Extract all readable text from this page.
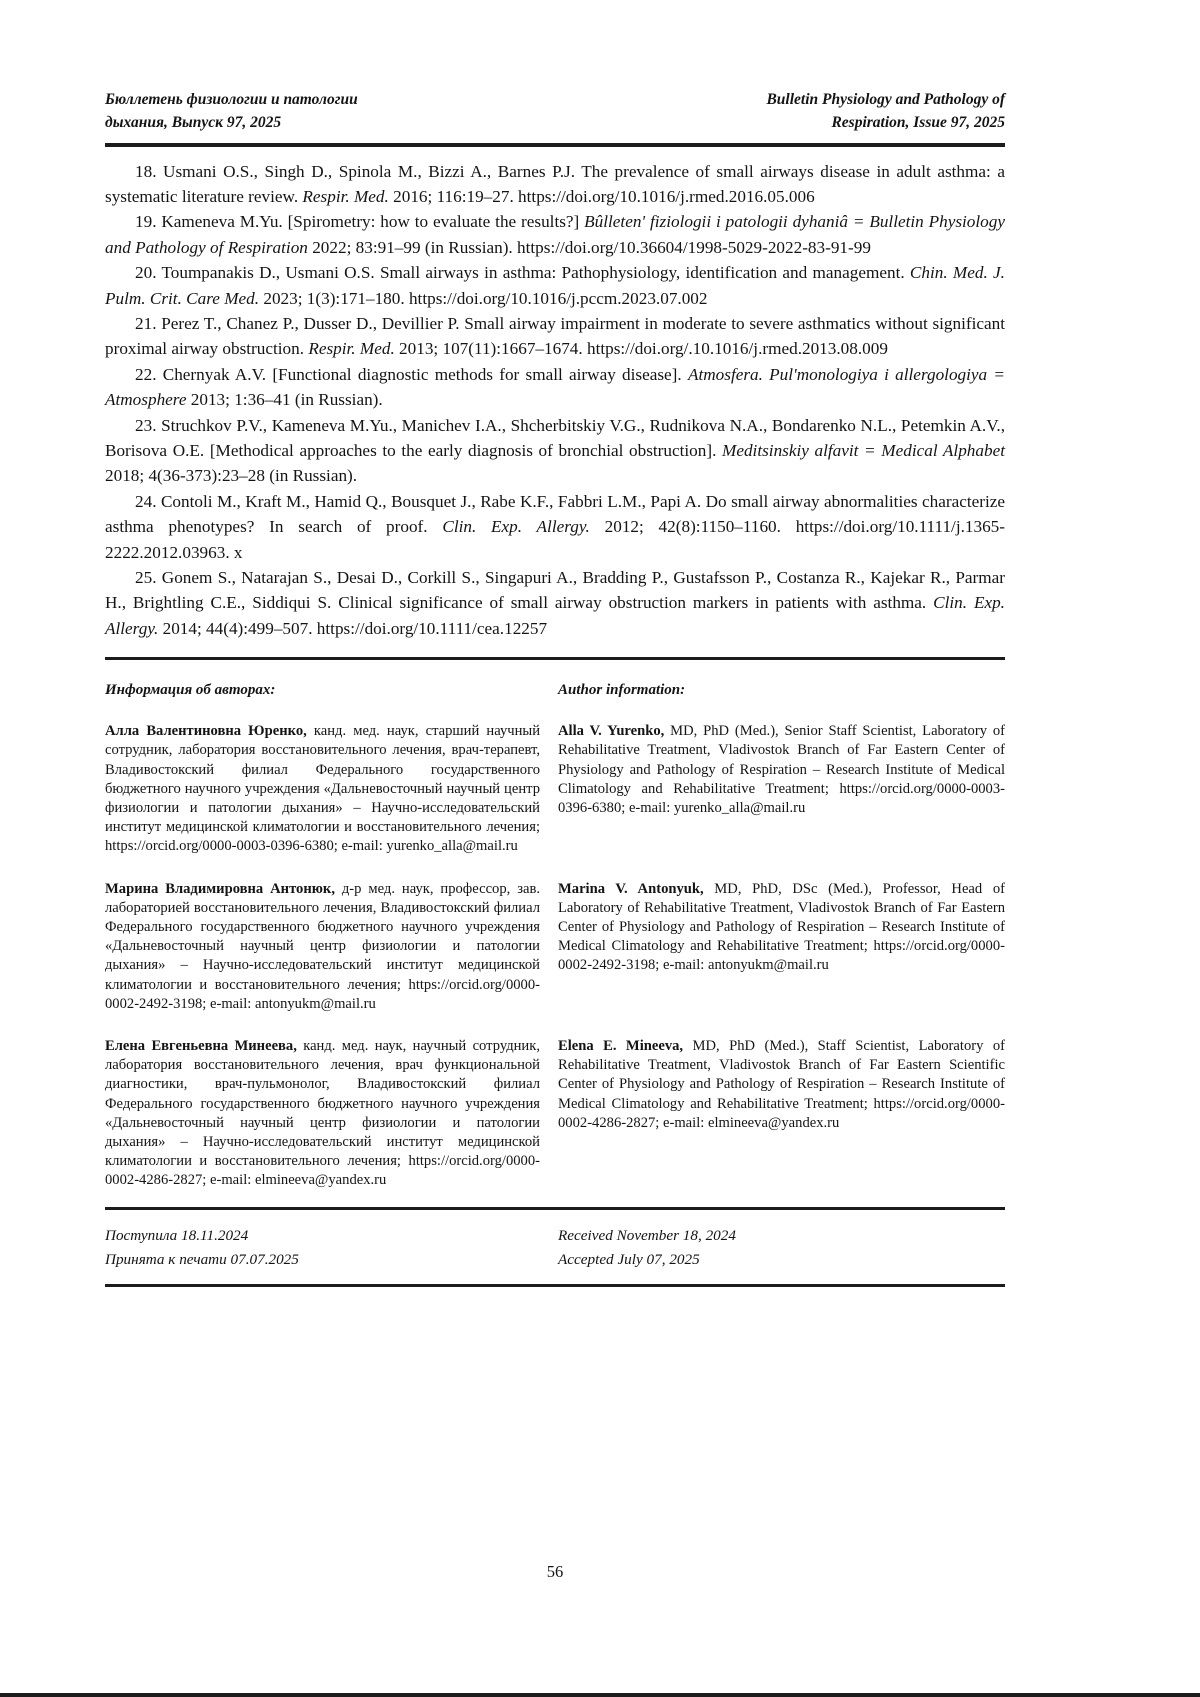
Бюллетень физиологии и патологии
дыхания, Выпуск 97, 2025
Bulletin Physiology and Pathology of
Respiration, Issue 97, 2025

18. Usmani O.S., Singh D., Spinola M., Bizzi A., Barnes P.J. The prevalence of small airways disease in adult asthma: a systematic literature review. Respir. Med. 2016; 116:19–27. https://doi.org/10.1016/j.rmed.2016.05.006

19. Kameneva M.Yu. [Spirometry: how to evaluate the results?] Bûlleten' fiziologii i patologii dyhaniâ = Bulletin Physiology and Pathology of Respiration 2022; 83:91–99 (in Russian). https://doi.org/10.36604/1998-5029-2022-83-91-99

20. Toumpanakis D., Usmani O.S. Small airways in asthma: Pathophysiology, identification and management. Chin. Med. J. Pulm. Crit. Care Med. 2023; 1(3):171–180. https://doi.org/10.1016/j.pccm.2023.07.002

21. Perez T., Chanez P., Dusser D., Devillier P. Small airway impairment in moderate to severe asthmatics without significant proximal airway obstruction. Respir. Med. 2013; 107(11):1667–1674. https://doi.org/.10.1016/j.rmed.2013.08.009

22. Chernyak A.V. [Functional diagnostic methods for small airway disease]. Atmosfera. Pul'monologiya i allergologiya = Atmosphere 2013; 1:36–41 (in Russian).

23. Struchkov P.V., Kameneva M.Yu., Manichev I.A., Shcherbitskiy V.G., Rudnikova N.A., Bondarenko N.L., Petemkin A.V., Borisova O.E. [Methodical approaches to the early diagnosis of bronchial obstruction]. Meditsinskiy alfavit = Medical Alphabet 2018; 4(36-373):23–28 (in Russian).

24. Contoli M., Kraft M., Hamid Q., Bousquet J., Rabe K.F., Fabbri L.M., Papi A. Do small airway abnormalities characterize asthma phenotypes? In search of proof. Clin. Exp. Allergy. 2012; 42(8):1150–1160. https://doi.org/10.1111/j.1365-2222.2012.03963. x

25. Gonem S., Natarajan S., Desai D., Corkill S., Singapuri A., Bradding P., Gustafsson P., Costanza R., Kajekar R., Parmar H., Brightling C.E., Siddiqui S. Clinical significance of small airway obstruction markers in patients with asthma. Clin. Exp. Allergy. 2014; 44(4):499–507. https://doi.org/10.1111/cea.12257

Информация об авторах:	Author information:

Алла Валентиновна Юренко, канд. мед. наук, старший научный сотрудник, лаборатория восстановительного лечения, врач-терапевт, Владивостокский филиал Федерального государственного бюджетного научного учреждения «Дальневосточный научный центр физиологии и патологии дыхания» – Научно-исследовательский институт медицинской климатологии и восстановительного лечения; https://orcid.org/0000-0003-0396-6380; e-mail: yurenko_alla@mail.ru

Alla V. Yurenko, MD, PhD (Med.), Senior Staff Scientist, Laboratory of Rehabilitative Treatment, Vladivostok Branch of Far Eastern Center of Physiology and Pathology of Respiration – Research Institute of Medical Climatology and Rehabilitative Treatment; https://orcid.org/0000-0003-0396-6380; e-mail: yurenko_alla@mail.ru

Марина Владимировна Антонюк, д-р мед. наук, профессор, зав. лабораторией восстановительного лечения, Владивостокский филиал Федерального государственного бюджетного научного учреждения «Дальневосточный научный центр физиологии и патологии дыхания» – Научно-исследовательский институт медицинской климатологии и восстановительного лечения; https://orcid.org/0000-0002-2492-3198; e-mail: antonyukm@mail.ru

Marina V. Antonyuk, MD, PhD, DSc (Med.), Professor, Head of Laboratory of Rehabilitative Treatment, Vladivostok Branch of Far Eastern Center of Physiology and Pathology of Respiration – Research Institute of Medical Climatology and Rehabilitative Treatment; https://orcid.org/0000-0002-2492-3198; e-mail: antonyukm@mail.ru

Елена Евгеньевна Минеева, канд. мед. наук, научный сотрудник, лаборатория восстановительного лечения, врач функциональной диагностики, врач-пульмонолог, Владивостокский филиал Федерального государственного бюджетного научного учреждения «Дальневосточный научный центр физиологии и патологии дыхания» – Научно-исследовательский институт медицинской климатологии и восстановительного лечения; https://orcid.org/0000-0002-4286-2827; e-mail: elmineeva@yandex.ru

Elena E. Mineeva, MD, PhD (Med.), Staff Scientist, Laboratory of Rehabilitative Treatment, Vladivostok Branch of Far Eastern Scientific Center of Physiology and Pathology of Respiration – Research Institute of Medical Climatology and Rehabilitative Treatment; https://orcid.org/0000-0002-4286-2827; e-mail: elmineeva@yandex.ru

Поступила 18.11.2024
Принята к печати 07.07.2025
Received November 18, 2024
Accepted July 07, 2025
56
